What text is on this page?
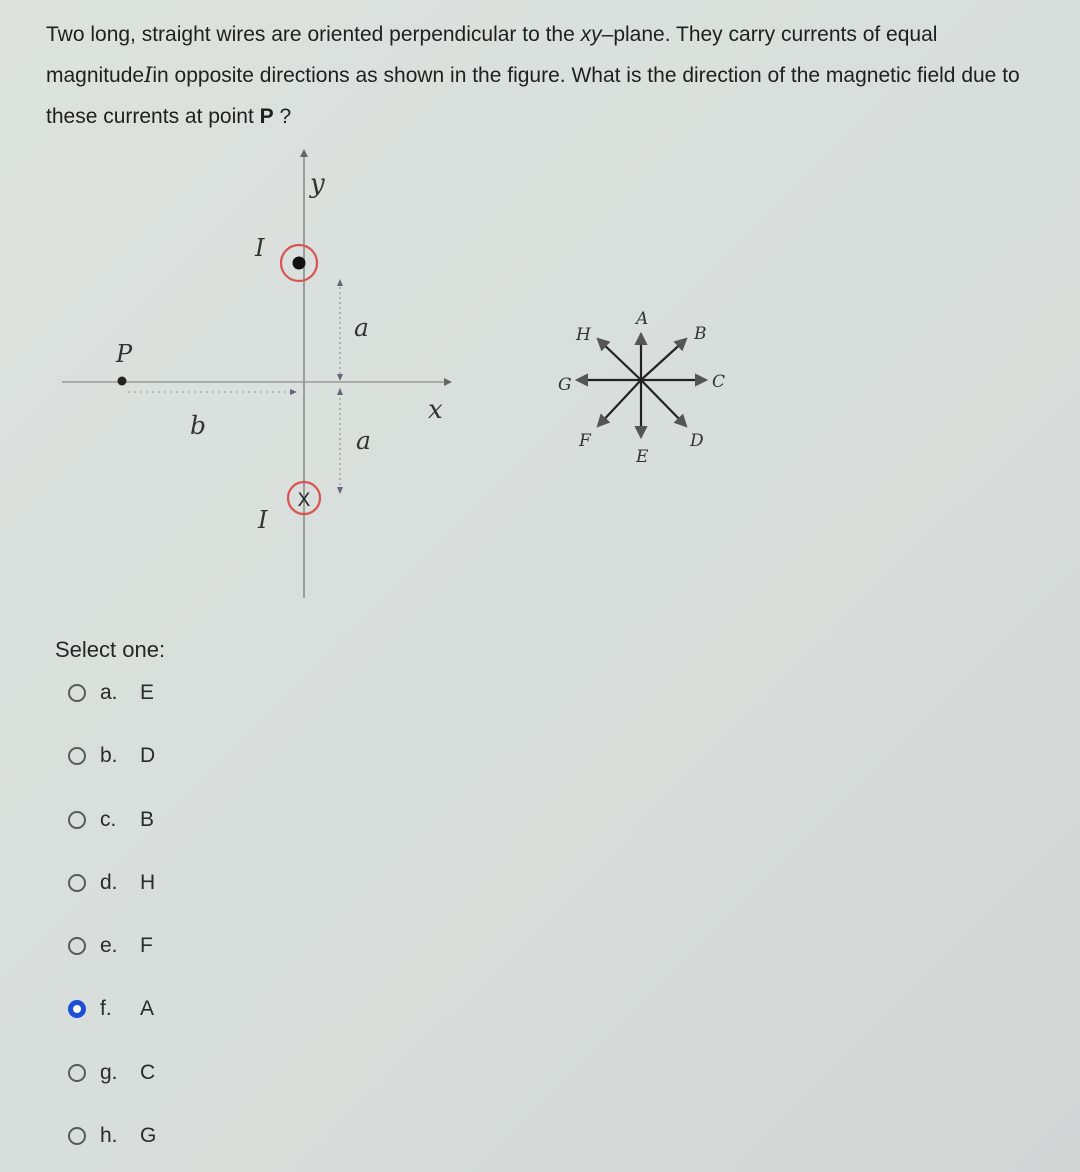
Two long, straight wires are oriented perpendicular to the xy–plane. They carry currents of equal magnitudeIin opposite directions as shown in the figure. What is the direction of the magnetic field due to these currents at point P ?
y
x
I
X
I
a
a
b
P
A
B
C
D
E
F
G
H
Select one:
a.	E
b.	D
c.	B
d.	H
e.	F
f.	A
g.	C
h.	G
